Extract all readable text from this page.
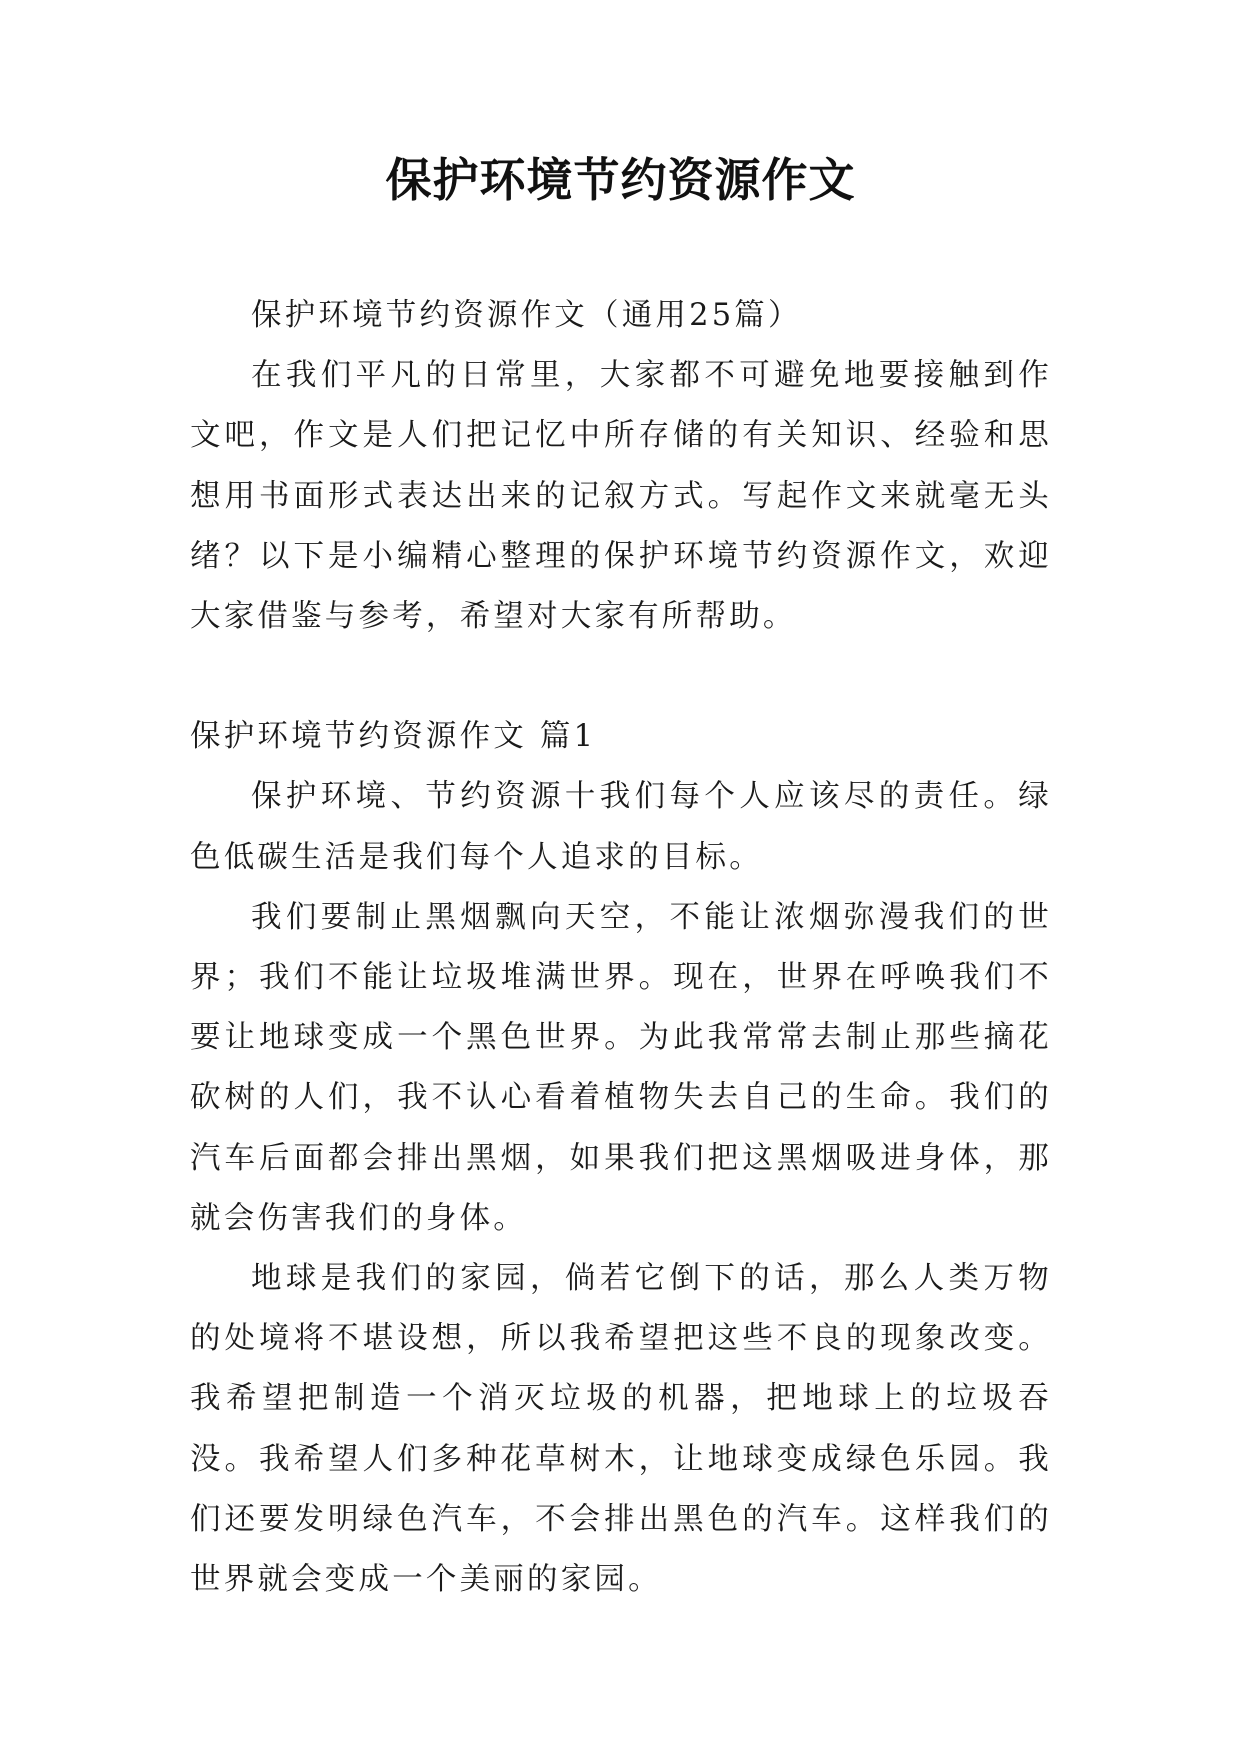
保护环境节约资源作文

保护环境节约资源作文（通用25篇）

在我们平凡的日常里，大家都不可避免地要接触到作文吧，作文是人们把记忆中所存储的有关知识、经验和思想用书面形式表达出来的记叙方式。写起作文来就毫无头绪？以下是小编精心整理的保护环境节约资源作文，欢迎大家借鉴与参考，希望对大家有所帮助。

保护环境节约资源作文 篇1

保护环境、节约资源十我们每个人应该尽的责任。绿色低碳生活是我们每个人追求的目标。

我们要制止黑烟飘向天空，不能让浓烟弥漫我们的世界；我们不能让垃圾堆满世界。现在，世界在呼唤我们不要让地球变成一个黑色世界。为此我常常去制止那些摘花砍树的人们，我不认心看着植物失去自己的生命。我们的汽车后面都会排出黑烟，如果我们把这黑烟吸进身体，那就会伤害我们的身体。

地球是我们的家园，倘若它倒下的话，那么人类万物的处境将不堪设想，所以我希望把这些不良的现象改变。我希望把制造一个消灭垃圾的机器，把地球上的垃圾吞没。我希望人们多种花草树木，让地球变成绿色乐园。我们还要发明绿色汽车，不会排出黑色的汽车。这样我们的世界就会变成一个美丽的家园。
